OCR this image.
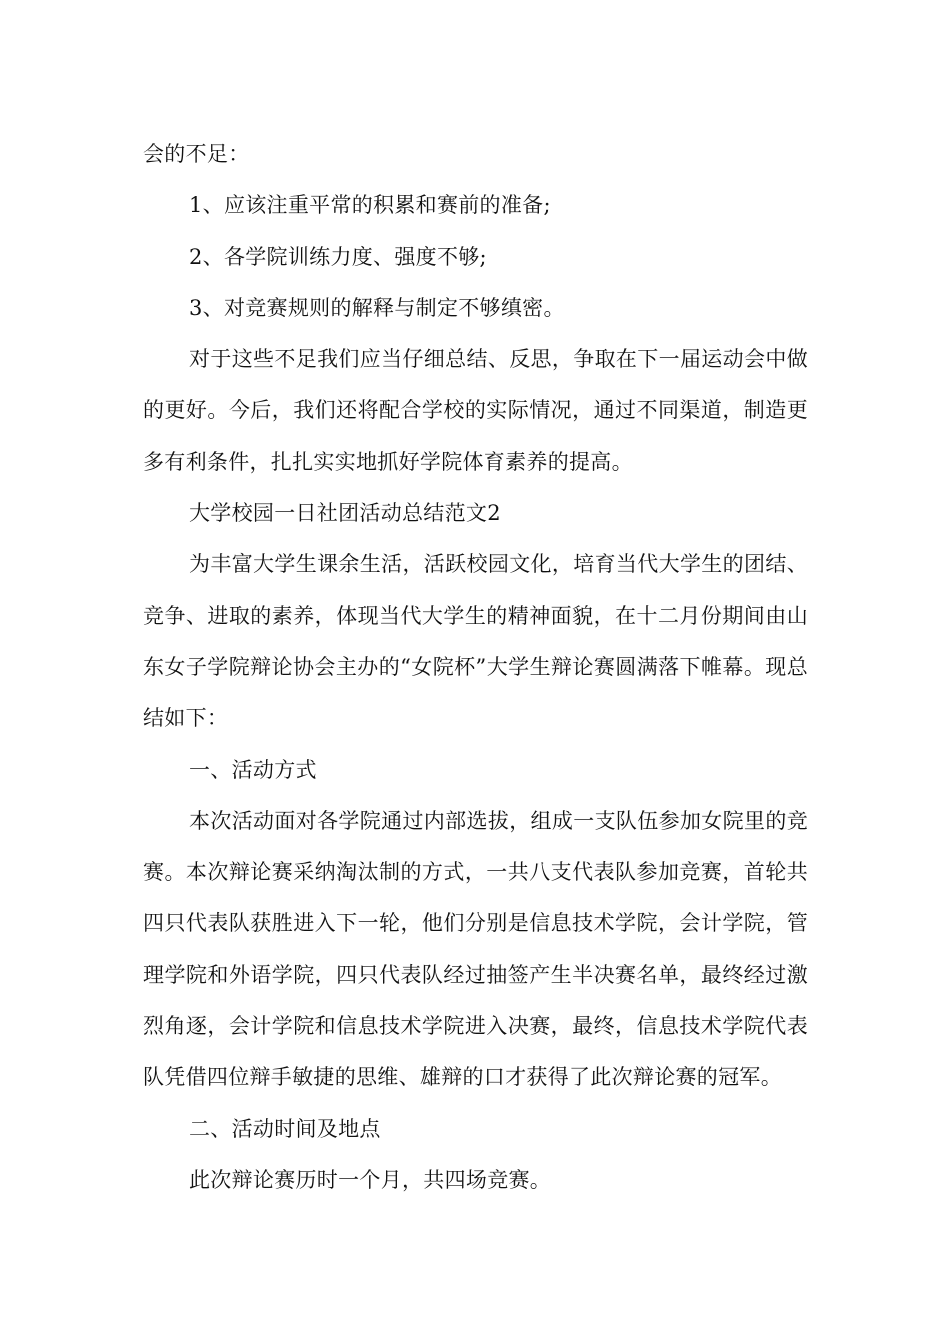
会的不足：

1、应该注重平常的积累和赛前的准备;

2、各学院训练力度、强度不够;

3、对竞赛规则的解释与制定不够缜密。

对于这些不足我们应当仔细总结、反思，争取在下一届运动会中做的更好。今后，我们还将配合学校的实际情况，通过不同渠道，制造更多有利条件，扎扎实实地抓好学院体育素养的提高。

大学校园一日社团活动总结范文2

为丰富大学生课余生活，活跃校园文化，培育当代大学生的团结、竞争、进取的素养，体现当代大学生的精神面貌，在十二月份期间由山东女子学院辩论协会主办的“女院杯”大学生辩论赛圆满落下帷幕。现总结如下：

一、活动方式

本次活动面对各学院通过内部选拔，组成一支队伍参加女院里的竞赛。本次辩论赛采纳淘汰制的方式，一共八支代表队参加竞赛，首轮共四只代表队获胜进入下一轮，他们分别是信息技术学院，会计学院，管理学院和外语学院，四只代表队经过抽签产生半决赛名单，最终经过激烈角逐，会计学院和信息技术学院进入决赛，最终，信息技术学院代表队凭借四位辩手敏捷的思维、雄辩的口才获得了此次辩论赛的冠军。

二、活动时间及地点

此次辩论赛历时一个月，共四场竞赛。
